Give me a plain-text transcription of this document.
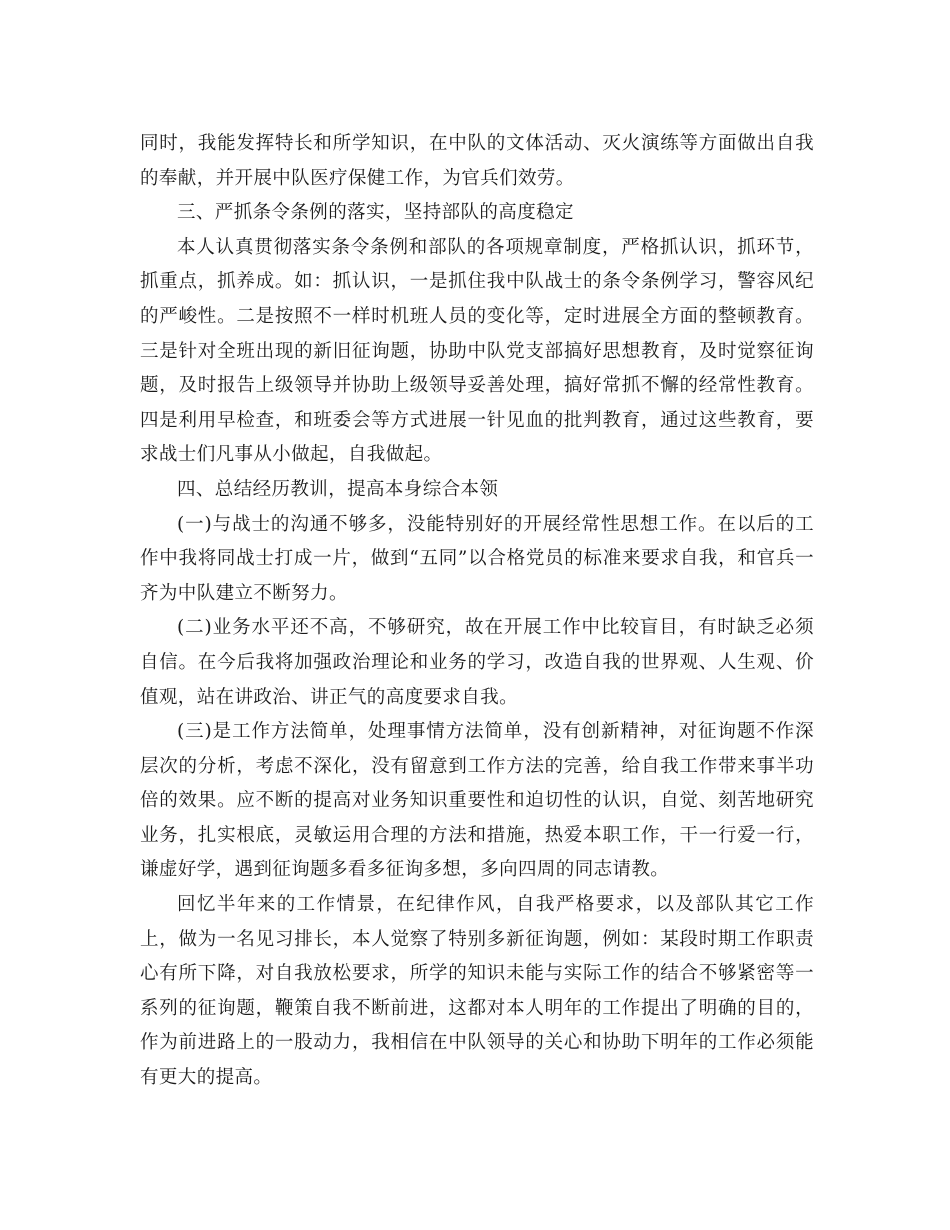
同时，我能发挥特长和所学知识，在中队的文体活动、灭火演练等方面做出自我的奉献，并开展中队医疗保健工作，为官兵们效劳。

三、严抓条令条例的落实，坚持部队的高度稳定

本人认真贯彻落实条令条例和部队的各项规章制度，严格抓认识，抓环节，抓重点，抓养成。如：抓认识，一是抓住我中队战士的条令条例学习，警容风纪的严峻性。二是按照不一样时机班人员的变化等，定时进展全方面的整顿教育。三是针对全班出现的新旧征询题，协助中队党支部搞好思想教育，及时觉察征询题，及时报告上级领导并协助上级领导妥善处理，搞好常抓不懈的经常性教育。四是利用早检查，和班委会等方式进展一针见血的批判教育，通过这些教育，要求战士们凡事从小做起，自我做起。

四、总结经历教训，提高本身综合本领

(一)与战士的沟通不够多，没能特别好的开展经常性思想工作。在以后的工作中我将同战士打成一片，做到“五同”以合格党员的标准来要求自我，和官兵一齐为中队建立不断努力。

(二)业务水平还不高，不够研究，故在开展工作中比较盲目，有时缺乏必须自信。在今后我将加强政治理论和业务的学习，改造自我的世界观、人生观、价值观，站在讲政治、讲正气的高度要求自我。

(三)是工作方法简单，处理事情方法简单，没有创新精神，对征询题不作深层次的分析，考虑不深化，没有留意到工作方法的完善，给自我工作带来事半功倍的效果。应不断的提高对业务知识重要性和迫切性的认识，自觉、刻苦地研究业务，扎实根底，灵敏运用合理的方法和措施，热爱本职工作，干一行爱一行，谦虚好学，遇到征询题多看多征询多想，多向四周的同志请教。

回忆半年来的工作情景，在纪律作风，自我严格要求，以及部队其它工作上，做为一名见习排长，本人觉察了特别多新征询题，例如：某段时期工作职责心有所下降，对自我放松要求，所学的知识未能与实际工作的结合不够紧密等一系列的征询题，鞭策自我不断前进，这都对本人明年的工作提出了明确的目的，作为前进路上的一股动力，我相信在中队领导的关心和协助下明年的工作必须能有更大的提高。
